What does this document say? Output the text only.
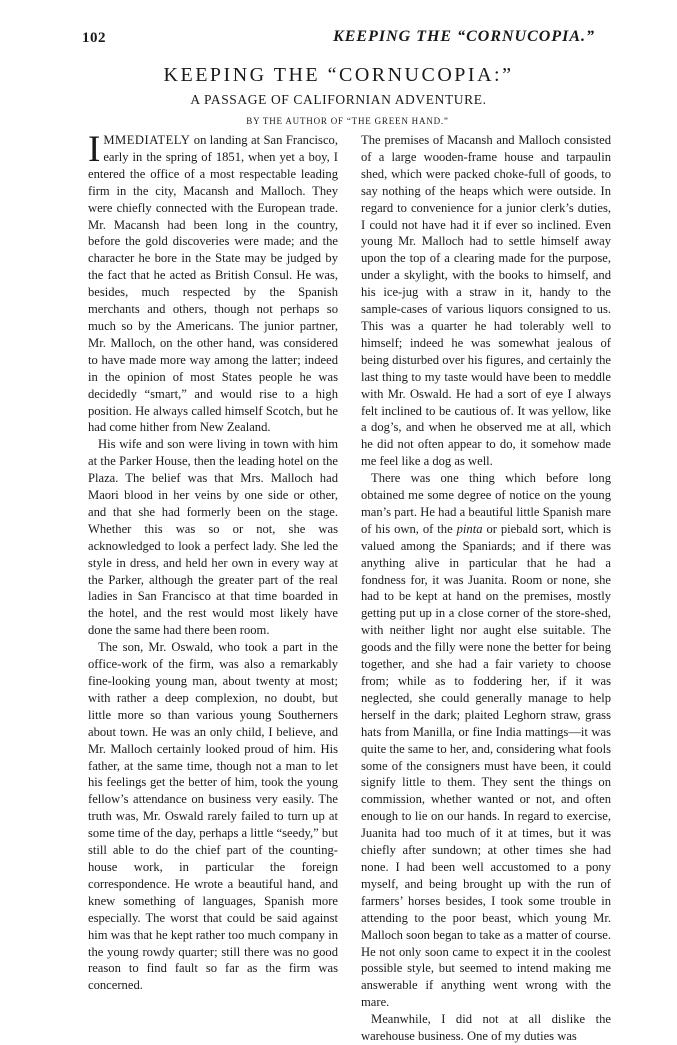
102	KEEPING THE “CORNUCOPIA.”
KEEPING THE “CORNUCOPIA:”
A PASSAGE OF CALIFORNIAN ADVENTURE.
BY THE AUTHOR OF “THE GREEN HAND.”

IMMEDIATELY on landing at San Francisco, early in the spring of 1851, when yet a boy, I entered the office of a most respectable leading firm in the city, Macansh and Malloch. They were chiefly connected with the European trade. Mr. Macansh had been long in the country, before the gold discoveries were made; and the character he bore in the State may be judged by the fact that he acted as British Consul. He was, besides, much respected by the Spanish merchants and others, though not perhaps so much so by the Americans. The junior partner, Mr. Malloch, on the other hand, was considered to have made more way among the latter; indeed in the opinion of most States people he was decidedly “smart,” and would rise to a high position. He always called himself Scotch, but he had come hither from New Zealand.

His wife and son were living in town with him at the Parker House, then the leading hotel on the Plaza. The belief was that Mrs. Malloch had Maori blood in her veins by one side or other, and that she had formerly been on the stage. Whether this was so or not, she was acknowledged to look a perfect lady. She led the style in dress, and held her own in every way at the Parker, although the greater part of the real ladies in San Francisco at that time boarded in the hotel, and the rest would most likely have done the same had there been room.

The son, Mr. Oswald, who took a part in the office-work of the firm, was also a remarkably fine-looking young man, about twenty at most; with rather a deep complexion, no doubt, but little more so than various young Southerners about town. He was an only child, I believe, and Mr. Malloch certainly looked proud of him. His father, at the same time, though not a man to let his feelings get the better of him, took the young fellow’s attendance on business very easily. The truth was, Mr. Oswald rarely failed to turn up at some time of the day, perhaps a little “seedy,” but still able to do the chief part of the counting-house work, in particular the foreign correspondence. He wrote a beautiful hand, and knew something of languages, Spanish more especially. The worst that could be said against him was that he kept rather too much company in the young rowdy quarter; still there was no good reason to find fault so far as the firm was concerned.

The premises of Macansh and Malloch consisted of a large wooden-frame house and tarpaulin shed, which were packed choke-full of goods, to say nothing of the heaps which were outside. In regard to convenience for a junior clerk’s duties, I could not have had it if ever so inclined. Even young Mr. Malloch had to settle himself away upon the top of a clearing made for the purpose, under a skylight, with the books to himself, and his ice-jug with a straw in it, handy to the sample-cases of various liquors consigned to us. This was a quarter he had tolerably well to himself; indeed he was somewhat jealous of being disturbed over his figures, and certainly the last thing to my taste would have been to meddle with Mr. Oswald. He had a sort of eye I always felt inclined to be cautious of. It was yellow, like a dog’s, and when he observed me at all, which he did not often appear to do, it somehow made me feel like a dog as well.

There was one thing which before long obtained me some degree of notice on the young man’s part. He had a beautiful little Spanish mare of his own, of the pinta or piebald sort, which is valued among the Spaniards; and if there was anything alive in particular that he had a fondness for, it was Juanita. Room or none, she had to be kept at hand on the premises, mostly getting put up in a close corner of the store-shed, with neither light nor aught else suitable. The goods and the filly were none the better for being together, and she had a fair variety to choose from; while as to foddering her, if it was neglected, she could generally manage to help herself in the dark; plaited Leghorn straw, grass hats from Manilla, or fine India mattings—it was quite the same to her, and, considering what fools some of the consigners must have been, it could signify little to them. They sent the things on commission, whether wanted or not, and often enough to lie on our hands. In regard to exercise, Juanita had too much of it at times, but it was chiefly after sundown; at other times she had none. I had been well accustomed to a pony myself, and being brought up with the run of farmers’ horses besides, I took some trouble in attending to the poor beast, which young Mr. Malloch soon began to take as a matter of course. He not only soon came to expect it in the coolest possible style, but seemed to intend making me answerable if anything went wrong with the mare.

Meanwhile, I did not at all dislike the warehouse business. One of my duties was
